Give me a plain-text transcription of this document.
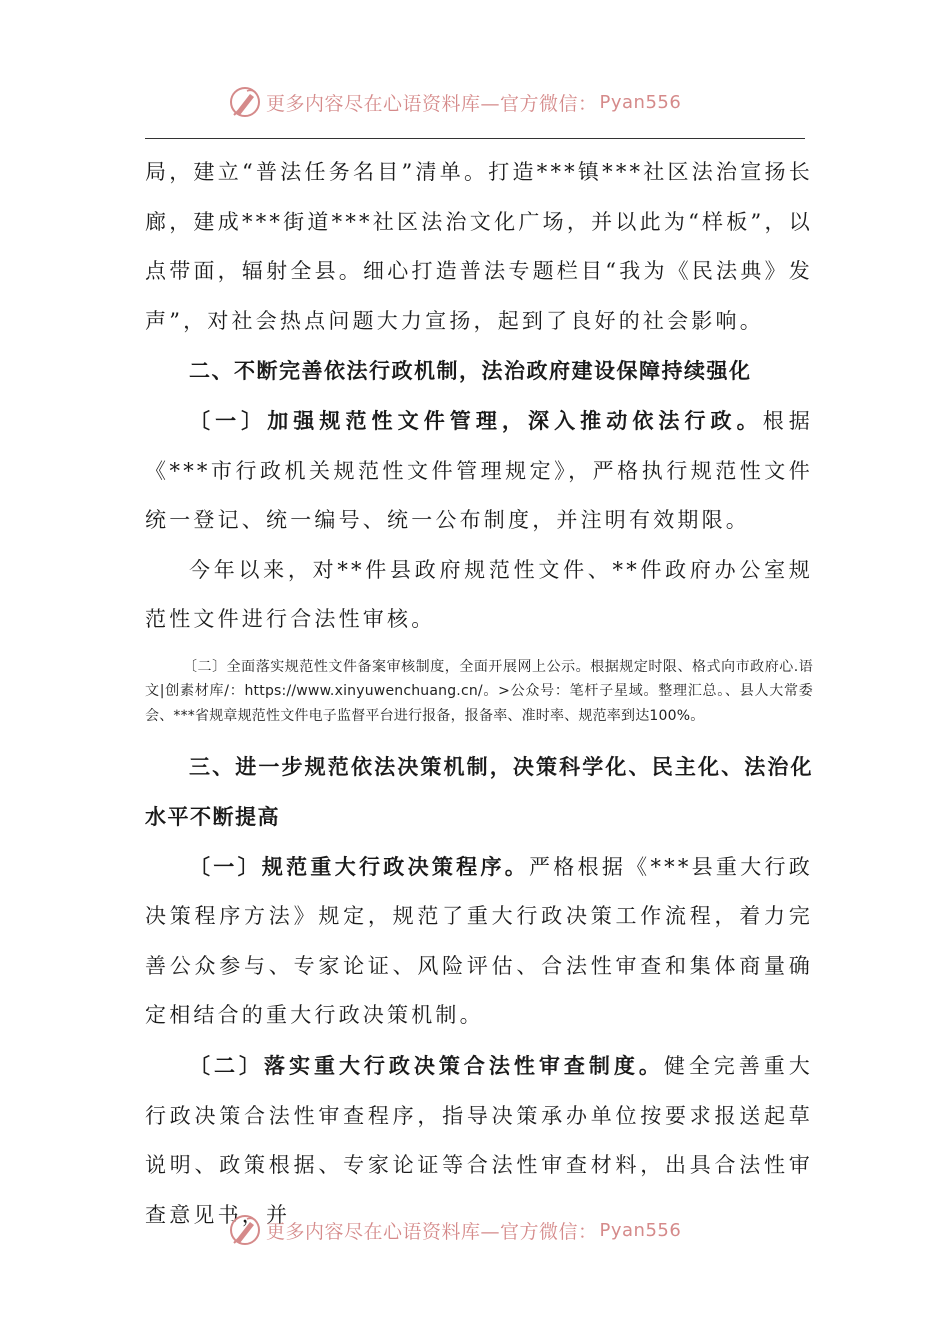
更多内容尽在心语资料库—官方微信： Pyan556

局，建立“普法任务名目”清单。打造***镇***社区法治宣扬长廊，建成***街道***社区法治文化广场，并以此为“样板”，以点带面，辐射全县。细心打造普法专题栏目“我为《民法典》发声”，对社会热点问题大力宣扬，起到了良好的社会影响。

二、不断完善依法行政机制，法治政府建设保障持续强化

〔一〕加强规范性文件管理，深入推动依法行政。根据《***市行政机关规范性文件管理规定》，严格执行规范性文件统一登记、统一编号、统一公布制度，并注明有效期限。

今年以来，对**件县政府规范性文件、**件政府办公室规范性文件进行合法性审核。

〔二〕全面落实规范性文件备案审核制度，全面开展网上公示。根据规定时限、格式向市政府心.语文|创素材库/：https://www.xinyuwenchuang.cn/。>公众号：笔杆子星域。整理汇总。、县人大常委会、***省规章规范性文件电子监督平台进行报备，报备率、准时率、规范率到达100%。

三、进一步规范依法决策机制，决策科学化、民主化、法治化水平不断提高

〔一〕规范重大行政决策程序。严格根据《***县重大行政决策程序方法》规定，规范了重大行政决策工作流程，着力完善公众参与、专家论证、风险评估、合法性审查和集体商量确定相结合的重大行政决策机制。

〔二〕落实重大行政决策合法性审查制度。健全完善重大行政决策合法性审查程序，指导决策承办单位按要求报送起草说明、政策根据、专家论证等合法性审查材料，出具合法性审查意见书，并

更多内容尽在心语资料库—官方微信： Pyan556
